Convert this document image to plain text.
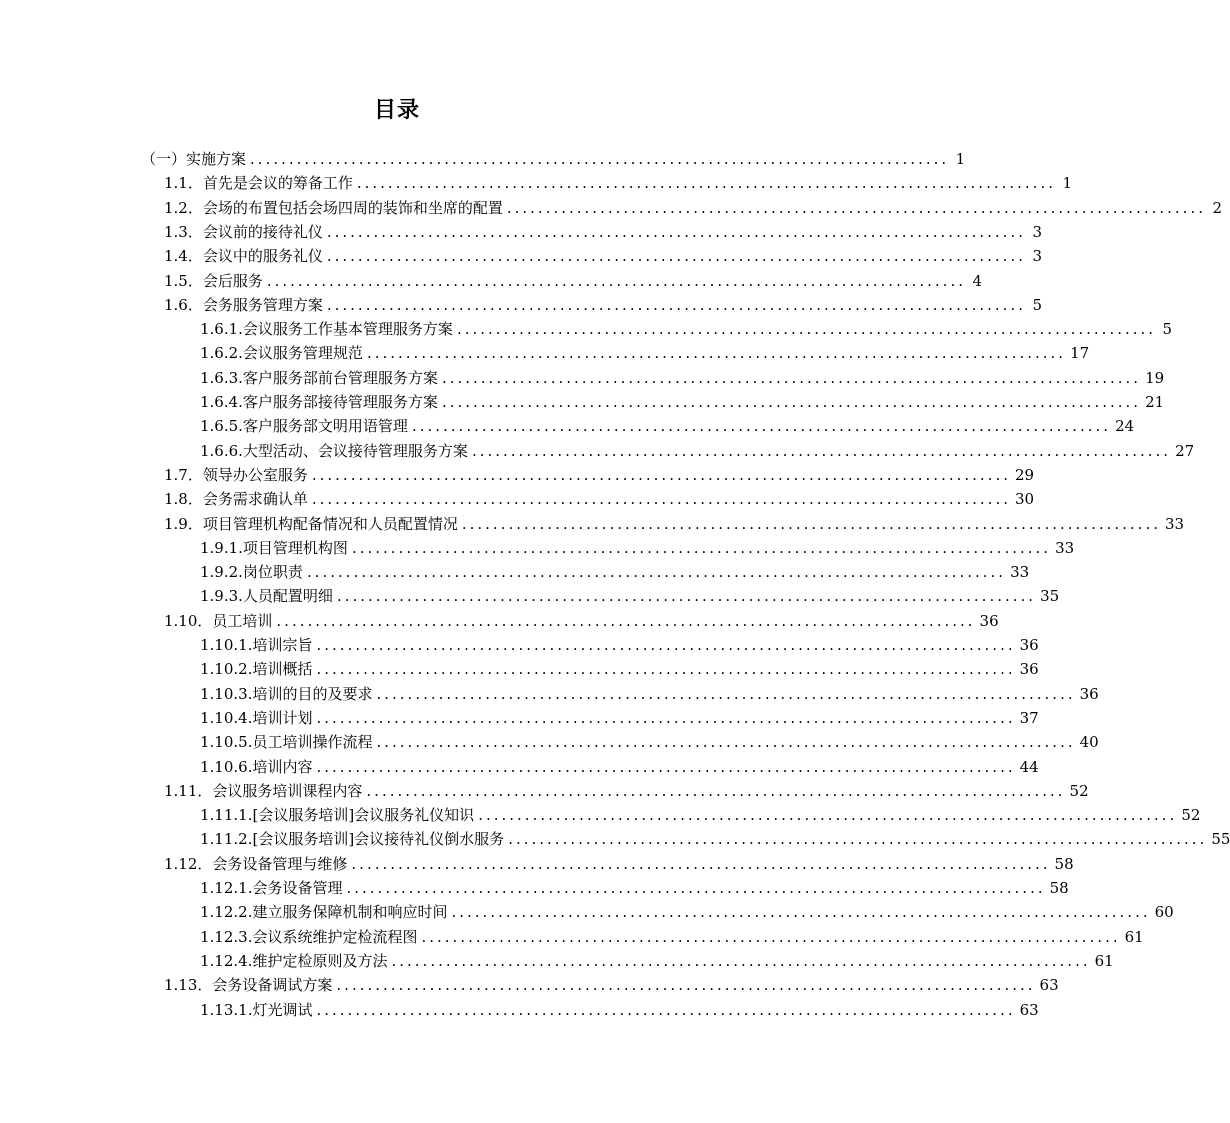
目录
（一）实施方案 .......................................................................................... 1
1.1．首先是会议的筹备工作 .......................................................................................... 1
1.2．会场的布置包括会场四周的装饰和坐席的配置 .......................................................................................... 2
1.3．会议前的接待礼仪 .......................................................................................... 3
1.4．会议中的服务礼仪 .......................................................................................... 3
1.5．会后服务 .......................................................................................... 4
1.6．会务服务管理方案 .......................................................................................... 5
1.6.1.会议服务工作基本管理服务方案 .......................................................................................... 5
1.6.2.会议服务管理规范 .......................................................................................... 17
1.6.3.客户服务部前台管理服务方案 .......................................................................................... 19
1.6.4.客户服务部接待管理服务方案 .......................................................................................... 21
1.6.5.客户服务部文明用语管理 .......................................................................................... 24
1.6.6.大型活动、会议接待管理服务方案 .......................................................................................... 27
1.7．领导办公室服务 .......................................................................................... 29
1.8．会务需求确认单 .......................................................................................... 30
1.9．项目管理机构配备情况和人员配置情况 .......................................................................................... 33
1.9.1.项目管理机构图 .......................................................................................... 33
1.9.2.岗位职责 .......................................................................................... 33
1.9.3.人员配置明细 .......................................................................................... 35
1.10．员工培训 .......................................................................................... 36
1.10.1.培训宗旨 .......................................................................................... 36
1.10.2.培训概括 .......................................................................................... 36
1.10.3.培训的目的及要求 .......................................................................................... 36
1.10.4.培训计划 .......................................................................................... 37
1.10.5.员工培训操作流程 .......................................................................................... 40
1.10.6.培训内容 .......................................................................................... 44
1.11．会议服务培训课程内容 .......................................................................................... 52
1.11.1.[会议服务培训]会议服务礼仪知识 .......................................................................................... 52
1.11.2.[会议服务培训]会议接待礼仪倒水服务 .......................................................................................... 55
1.12．会务设备管理与维修 .......................................................................................... 58
1.12.1.会务设备管理 .......................................................................................... 58
1.12.2.建立服务保障机制和响应时间 .......................................................................................... 60
1.12.3.会议系统维护定检流程图 .......................................................................................... 61
1.12.4.维护定检原则及方法 .......................................................................................... 61
1.13．会务设备调试方案 .......................................................................................... 63
1.13.1.灯光调试 .......................................................................................... 63
